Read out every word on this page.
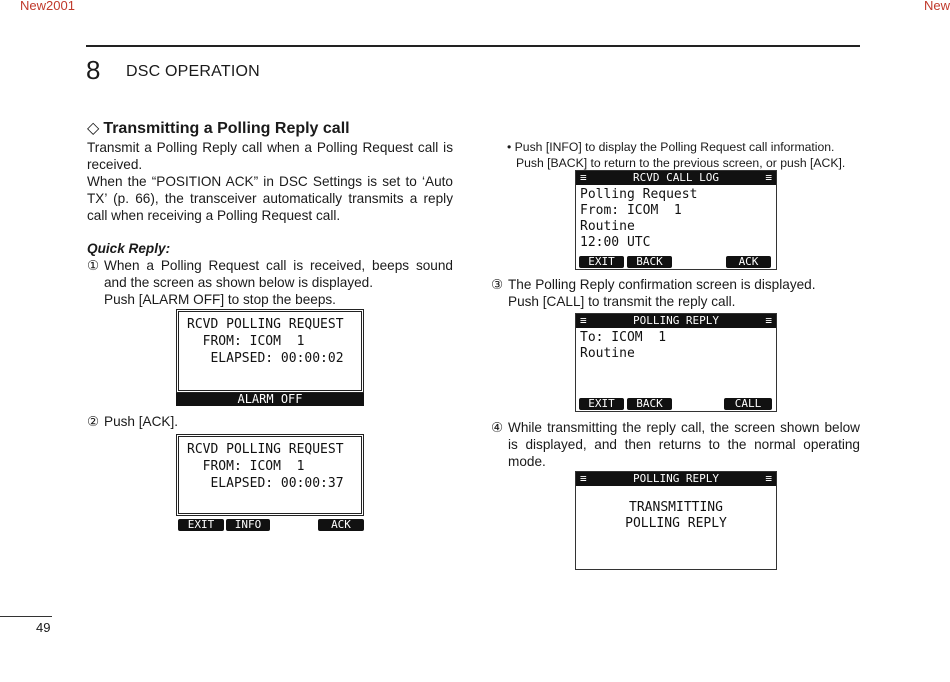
New2001	New
8 DSC OPERATION
◇ Transmitting a Polling Reply call

Transmit a Polling Reply call when a Polling Request call is received.

When the “POSITION ACK” in DSC Settings is set to ‘Auto TX’ (p. 66), the transceiver automatically transmits a reply call when receiving a Polling Request call.

Quick Reply:
① When a Polling Request call is received, beeps sound and the screen as shown below is displayed.

Push [ALARM OFF] to stop the beeps.

RCVD POLLING REQUEST
FROM: ICOM  1
ELAPSED: 00:00:02
ALARM OFF
② Push [ACK].

RCVD POLLING REQUEST
FROM: ICOM  1
ELAPSED: 00:00:37
EXIT	INFO	ACK
• Push [INFO] to display the Polling Request call information.
Push [BACK] to return to the previous screen, or push [ACK].
≡	RCVD CALL LOG	≡
Polling Request
From: ICOM  1
Routine
12:00 UTC
EXIT	BACK	ACK
③ The Polling Reply confirmation screen is displayed.

Push [CALL] to transmit the reply call.

≡	POLLING REPLY	≡
To: ICOM  1
Routine
EXIT	BACK	CALL
④ While transmitting the reply call, the screen shown below is displayed, and then returns to the normal operating mode.

≡	POLLING REPLY	≡
TRANSMITTING
POLLING REPLY
49
